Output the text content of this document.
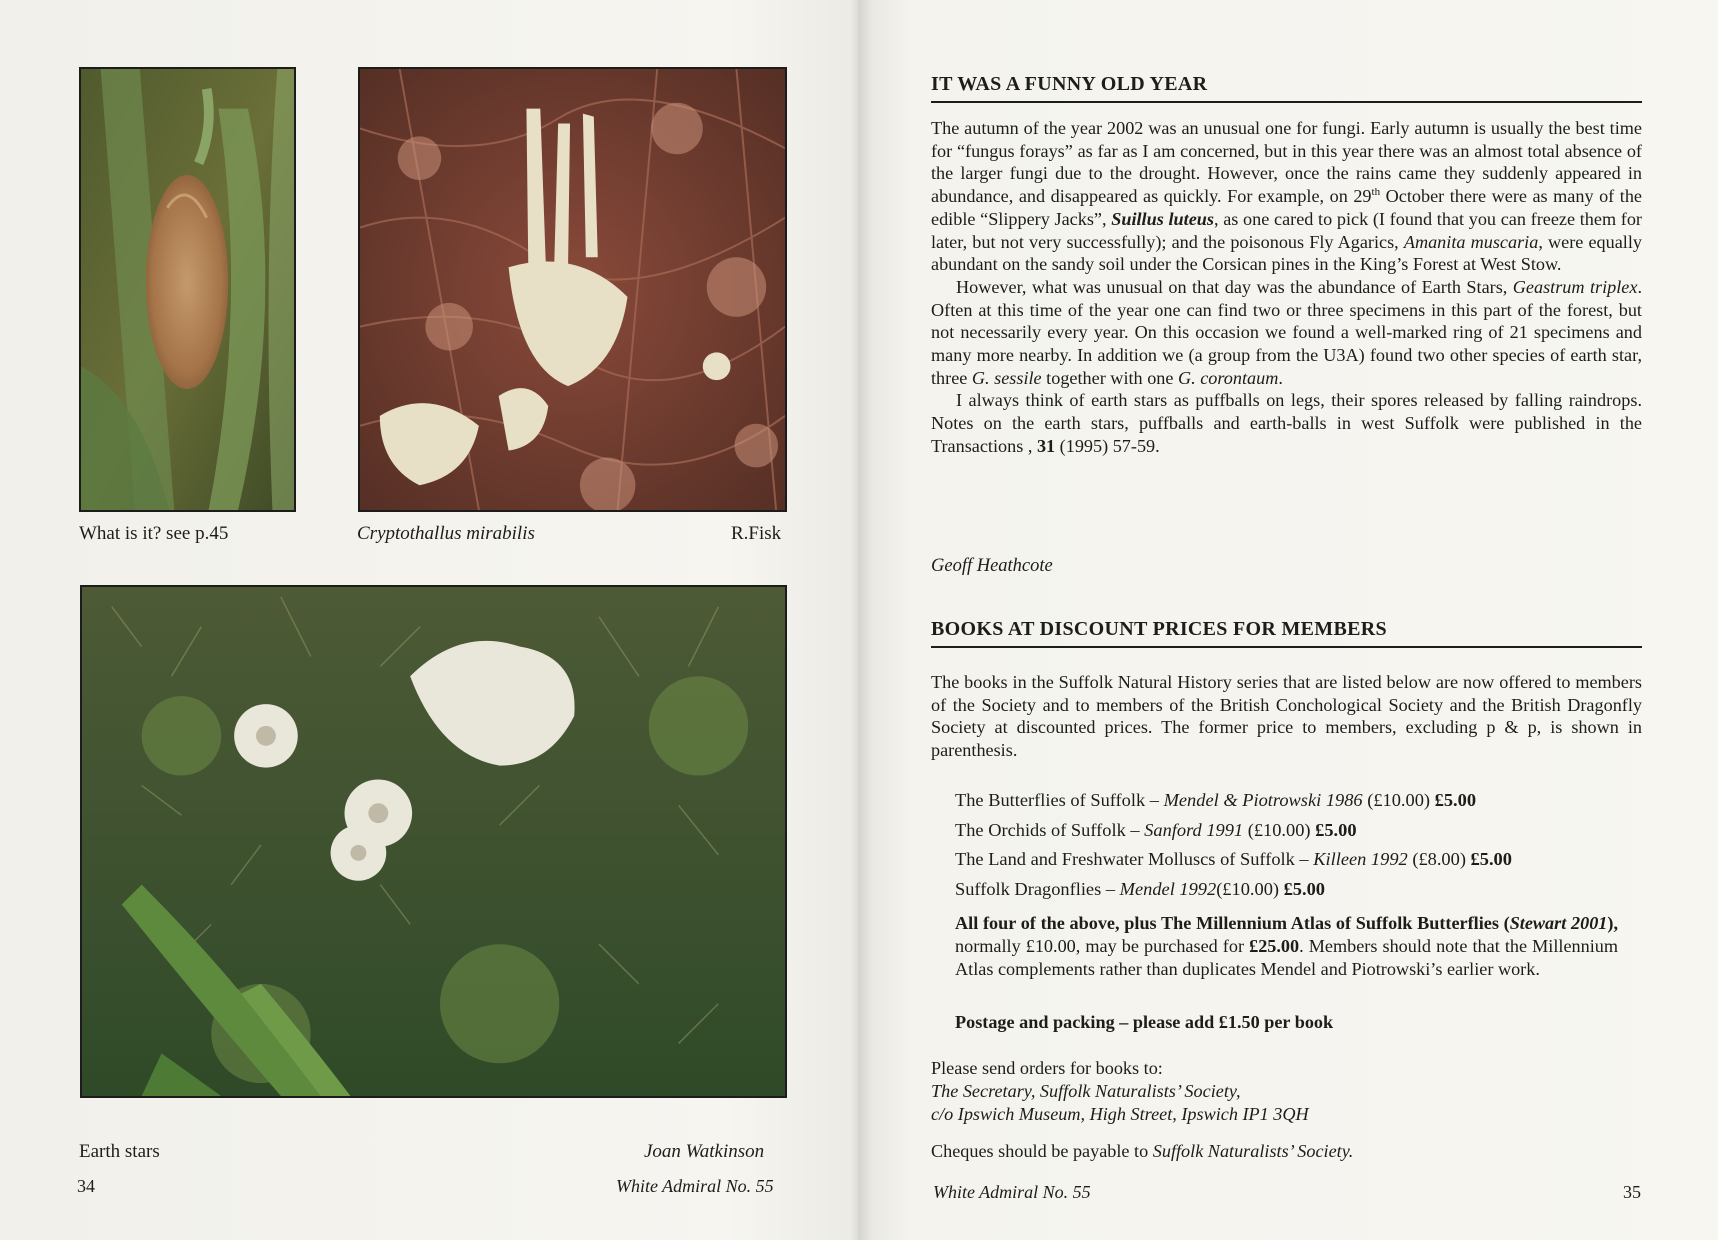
What is it? see p.45	Cryptothallus mirabilis	R.Fisk
Earth stars	Joan Watkinson
34	White Admiral No. 55
IT WAS A FUNNY OLD YEAR

The autumn of the year 2002 was an unusual one for fungi. Early autumn is usually the best time for “fungus forays” as far as I am concerned, but in this year there was an almost total absence of the larger fungi due to the drought. However, once the rains came they suddenly appeared in abundance, and disappeared as quickly. For example, on 29th October there were as many of the edible “Slippery Jacks”, Suillus luteus, as one cared to pick (I found that you can freeze them for later, but not very successfully); and the poisonous Fly Agarics, Amanita muscaria, were equally abundant on the sandy soil under the Corsican pines in the King’s Forest at West Stow.

However, what was unusual on that day was the abundance of Earth Stars, Geastrum triplex. Often at this time of the year one can find two or three specimens in this part of the forest, but not necessarily every year. On this occasion we found a well-marked ring of 21 specimens and many more nearby. In addition we (a group from the U3A) found two other species of earth star, three G. sessile together with one G. corontaum.

I always think of earth stars as puffballs on legs, their spores released by falling raindrops. Notes on the earth stars, puffballs and earth-balls in west Suffolk were published in the Transactions , 31 (1995) 57-59.

Geoff Heathcote
BOOKS AT DISCOUNT PRICES FOR MEMBERS

The books in the Suffolk Natural History series that are listed below are now offered to members of the Society and to members of the British Conchological Society and the British Dragonfly Society at discounted prices. The former price to members, excluding p & p, is shown in parenthesis.

The Butterflies of Suffolk – Mendel & Piotrowski 1986 (£10.00) £5.00
The Orchids of Suffolk – Sanford 1991 (£10.00) £5.00
The Land and Freshwater Molluscs of Suffolk – Killeen 1992 (£8.00) £5.00
Suffolk Dragonflies – Mendel 1992(£10.00) £5.00
All four of the above, plus The Millennium Atlas of Suffolk Butterflies (Stewart 2001), normally £10.00, may be purchased for £25.00. Members should note that the Millennium Atlas complements rather than duplicates Mendel and Piotrowski’s earlier work.
Postage and packing – please add £1.50 per book
Please send orders for books to:
The Secretary, Suffolk Naturalists’ Society,
c/o Ipswich Museum, High Street, Ipswich IP1 3QH
Cheques should be payable to Suffolk Naturalists’ Society.
White Admiral No. 55	35
